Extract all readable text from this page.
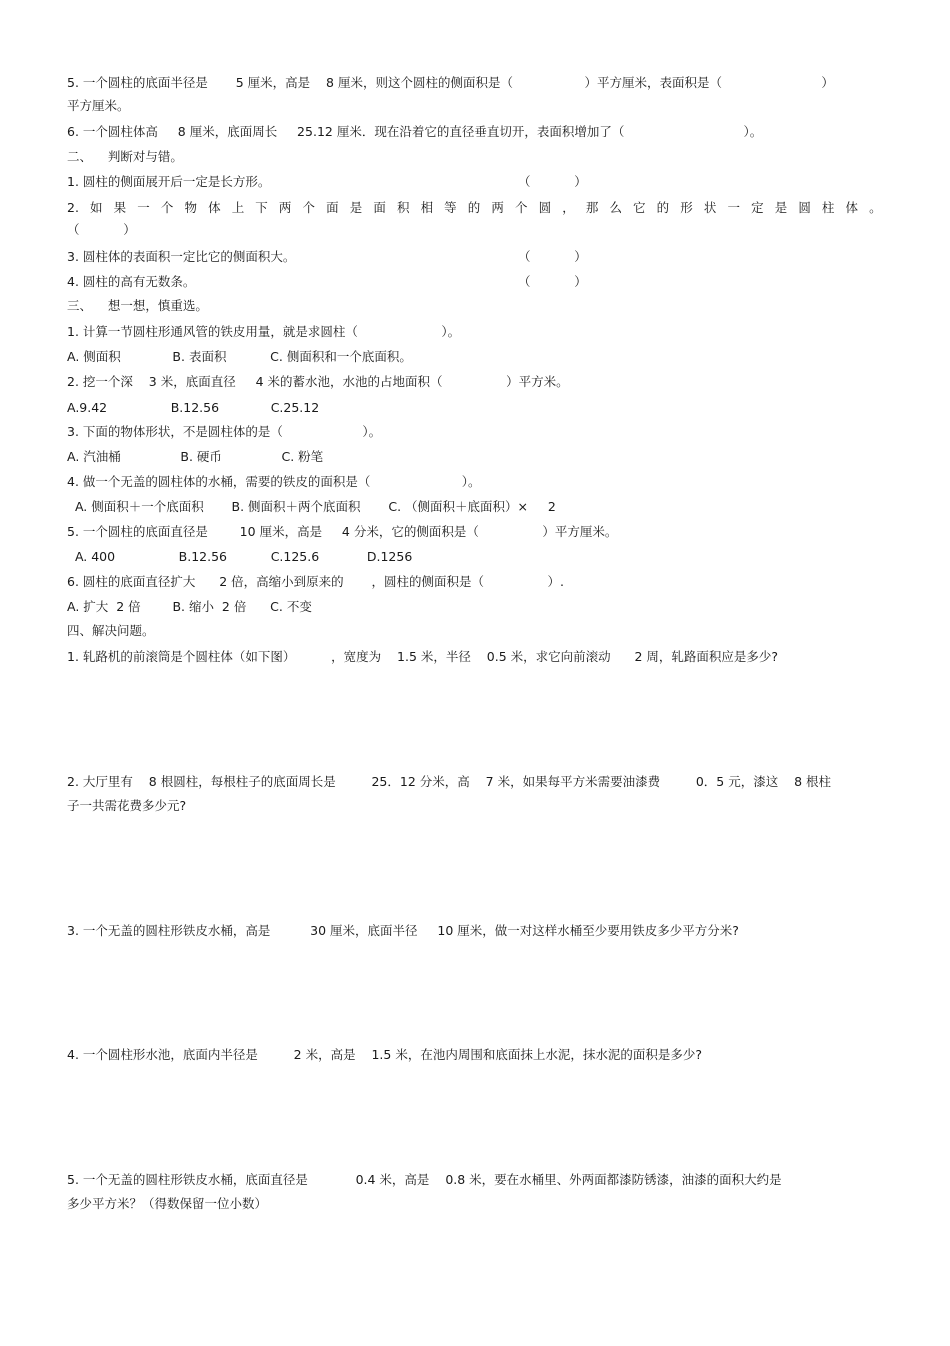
5. 一个圆柱的底面半径是       5 厘米，高是    8 厘米，则这个圆柱的侧面积是（                  ）平方厘米，表面积是（                         ）
平方厘米。
6. 一个圆柱体高     8 厘米，底面周长     25.12 厘米．现在沿着它的直径垂直切开，表面积增加了（                              ）。
二、    判断对与错。
1. 圆柱的侧面展开后一定是长方形。	（           ）
2. 如 果 一 个 物 体 上 下 两 个 面 是 面 积 相 等 的 两 个 圆 ， 那 么 它 的 形 状 一 定 是 圆 柱 体 。
（           ）
3. 圆柱体的表面积一定比它的侧面积大。	（           ）
4. 圆柱的高有无数条。	（           ）
三、    想一想，慎重选。
1. 计算一节圆柱形通风管的铁皮用量，就是求圆柱（                     ）。
A. 侧面积             B. 表面积           C. 侧面积和一个底面积。
2. 挖一个深    3 米，底面直径     4 米的蓄水池，水池的占地面积（                ）平方米。
A.9.42                B.12.56             C.25.12
3. 下面的物体形状，不是圆柱体的是（                    ）。
A. 汽油桶               B. 硬币               C. 粉笔
4. 做一个无盖的圆柱体的水桶，需要的铁皮的面积是（                       ）。
A. 侧面积＋一个底面积       B. 侧面积＋两个底面积       C. （侧面积＋底面积）×     2
5. 一个圆柱的底面直径是        10 厘米，高是     4 分米，它的侧面积是（                ）平方厘米。
A. 400                B.12.56           C.125.6            D.1256
6. 圆柱的底面直径扩大      2 倍，高缩小到原来的       ，圆柱的侧面积是（                ）.
A. 扩大  2 倍        B. 缩小  2 倍      C. 不变
四、解决问题。
1. 轧路机的前滚筒是个圆柱体（如下图）         ，宽度为    1.5 米，半径    0.5 米，求它向前滚动      2 周，轧路面积应是多少?
2. 大厅里有    8 根圆柱，每根柱子的底面周长是         25．12 分米，高    7 米，如果每平方米需要油漆费         0．5 元，漆这    8 根柱
子一共需花费多少元?
3. 一个无盖的圆柱形铁皮水桶，高是          30 厘米，底面半径     10 厘米，做一对这样水桶至少要用铁皮多少平方分米?
4. 一个圆柱形水池，底面内半径是         2 米，高是    1.5 米，在池内周围和底面抹上水泥，抹水泥的面积是多少?
5. 一个无盖的圆柱形铁皮水桶，底面直径是            0.4 米，高是    0.8 米，要在水桶里、外两面都漆防锈漆，油漆的面积大约是
多少平方米？（得数保留一位小数）
